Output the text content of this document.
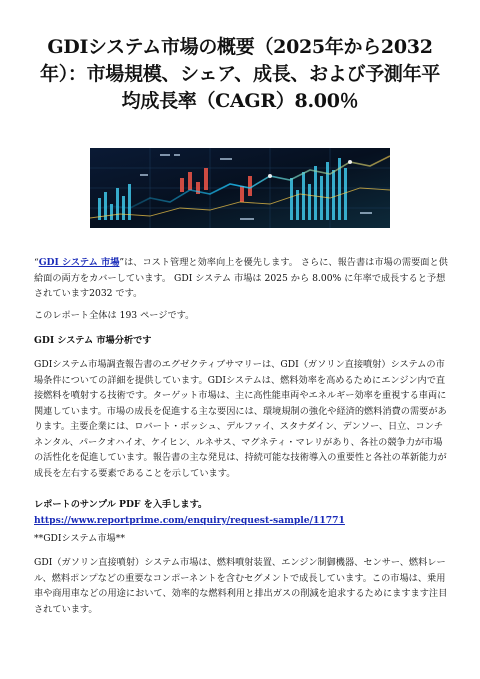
GDIシステム市場の概要（2025年から2032年）：市場規模、シェア、成長、および予測年平均成長率（CAGR）8.00％

“GDI システム 市場”は、コスト管理と効率向上を優先します。 さらに、報告書は市場の需要面と供給面の両方をカバーしています。 GDI システム 市場は 2025 から 8.00% に年率で成長すると予想されています2032 です。

このレポート全体は 193 ページです。

GDI システム 市場分析です

GDIシステム市場調査報告書のエグゼクティブサマリーは、GDI（ガソリン直接噴射）システムの市場条件についての詳細を提供しています。GDIシステムは、燃料効率を高めるためにエンジン内で直接燃料を噴射する技術です。ターゲット市場は、主に高性能車両やエネルギー効率を重視する車両に関連しています。市場の成長を促進する主な要因には、環境規制の強化や経済的燃料消費の需要があります。主要企業には、ロバート・ボッシュ、デルファイ、スタナダイン、デンソー、日立、コンチネンタル、パークオハイオ、ケイヒン、ルネサス、マグネティ・マレリがあり、各社の競争力が市場の活性化を促進しています。報告書の主な発見は、持続可能な技術導入の重要性と各社の革新能力が成長を左右する要素であることを示しています。

レポートのサンプル PDF を入手します。 https://www.reportprime.com/enquiry/request-sample/11771

**GDIシステム市場**

GDI（ガソリン直接噴射）システム市場は、燃料噴射装置、エンジン制御機器、センサー、燃料レール、燃料ポンプなどの重要なコンポーネントを含むセグメントで成長しています。この市場は、乗用車や商用車などの用途において、効率的な燃料利用と排出ガスの削減を追求するためにますます注目されています。
